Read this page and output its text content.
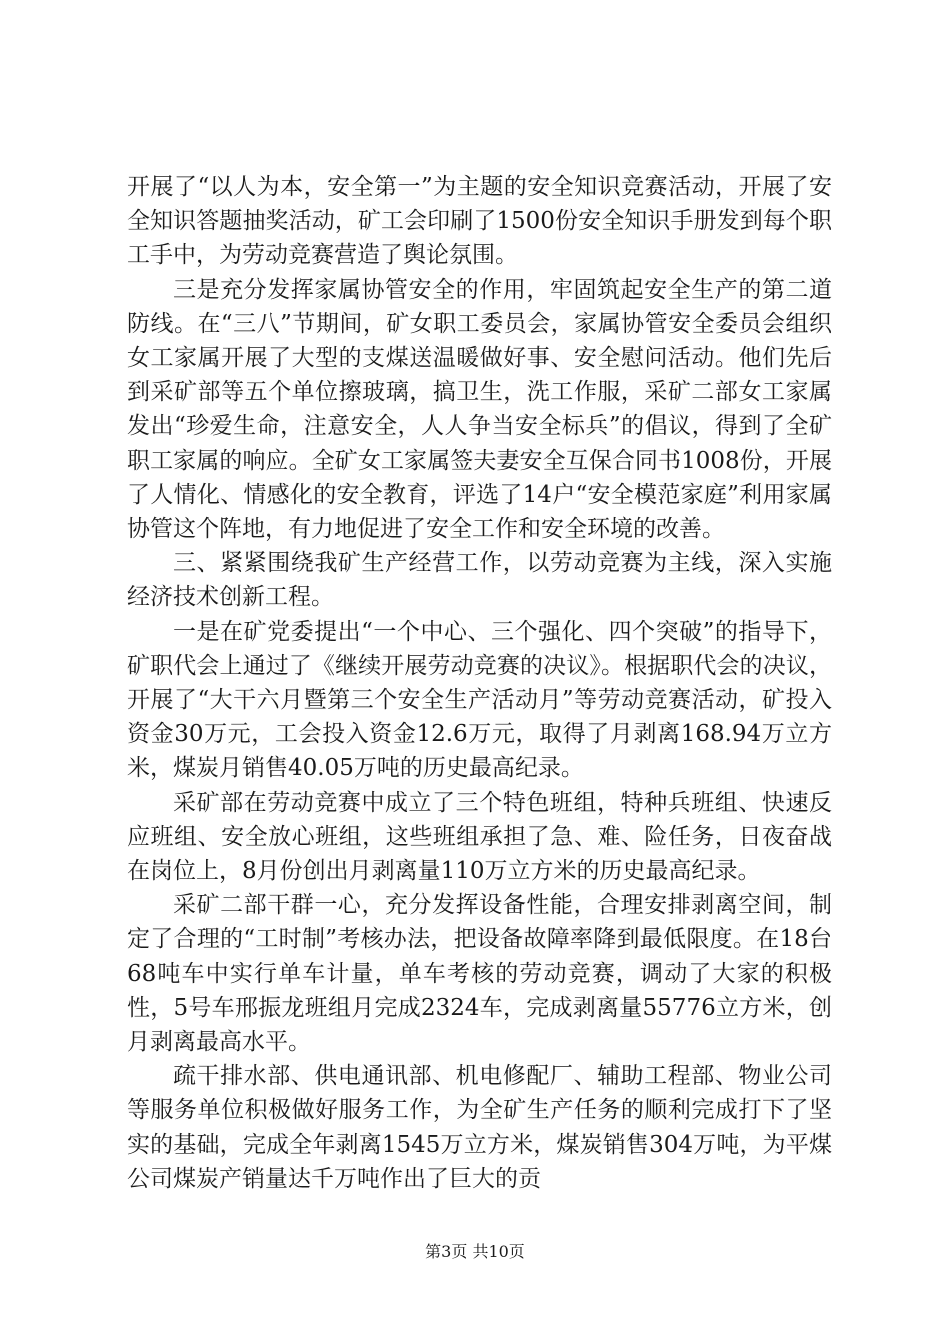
开展了“以人为本，安全第一”为主题的安全知识竞赛活动，开展了安全知识答题抽奖活动，矿工会印刷了1500份安全知识手册发到每个职工手中，为劳动竞赛营造了舆论氛围。

三是充分发挥家属协管安全的作用，牢固筑起安全生产的第二道防线。在“三八”节期间，矿女职工委员会，家属协管安全委员会组织女工家属开展了大型的支煤送温暖做好事、安全慰问活动。他们先后到采矿部等五个单位擦玻璃，搞卫生，洗工作服，采矿二部女工家属发出“珍爱生命，注意安全，人人争当安全标兵”的倡议，得到了全矿职工家属的响应。全矿女工家属签夫妻安全互保合同书1008份，开展了人情化、情感化的安全教育，评选了14户“安全模范家庭”利用家属协管这个阵地，有力地促进了安全工作和安全环境的改善。

三、紧紧围绕我矿生产经营工作，以劳动竞赛为主线，深入实施经济技术创新工程。

一是在矿党委提出“一个中心、三个强化、四个突破”的指导下，矿职代会上通过了《继续开展劳动竞赛的决议》。根据职代会的决议，开展了“大干六月暨第三个安全生产活动月”等劳动竞赛活动，矿投入资金30万元，工会投入资金12.6万元，取得了月剥离168.94万立方米，煤炭月销售40.05万吨的历史最高纪录。

采矿部在劳动竞赛中成立了三个特色班组，特种兵班组、快速反应班组、安全放心班组，这些班组承担了急、难、险任务，日夜奋战在岗位上，8月份创出月剥离量110万立方米的历史最高纪录。

采矿二部干群一心，充分发挥设备性能，合理安排剥离空间，制定了合理的“工时制”考核办法，把设备故障率降到最低限度。在18台68吨车中实行单车计量，单车考核的劳动竞赛，调动了大家的积极性，5号车邢振龙班组月完成2324车，完成剥离量55776立方米，创月剥离最高水平。

疏干排水部、供电通讯部、机电修配厂、辅助工程部、物业公司等服务单位积极做好服务工作，为全矿生产任务的顺利完成打下了坚实的基础，完成全年剥离1545万立方米，煤炭销售304万吨，为平煤公司煤炭产销量达千万吨作出了巨大的贡

第3页 共10页
